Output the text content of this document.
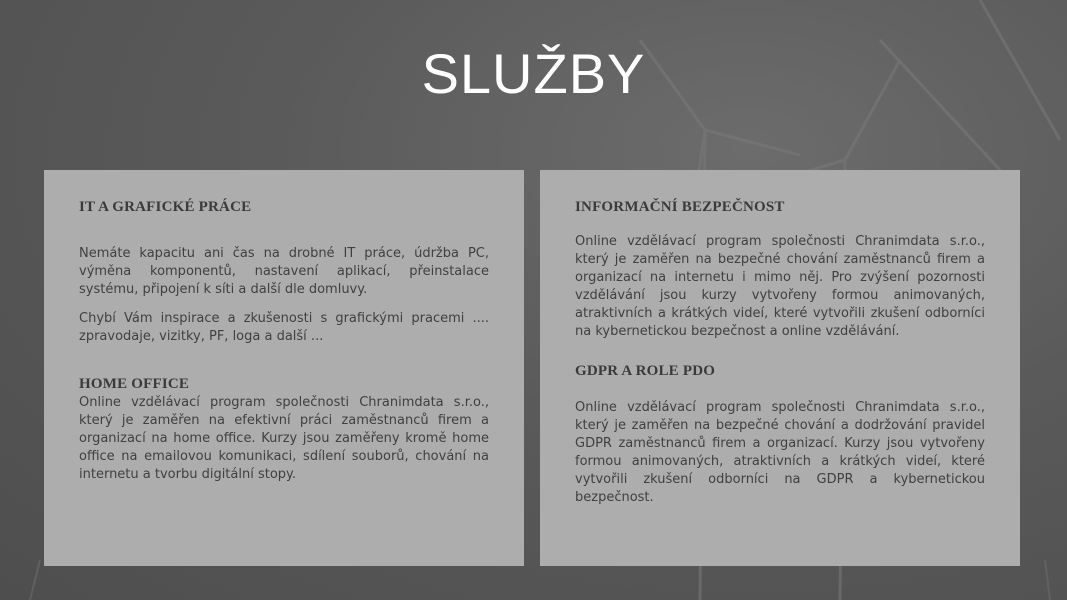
SLUŽBY
IT A GRAFICKÉ PRÁCE

Nemáte kapacitu ani čas na drobné IT práce, údržba PC, výměna komponentů, nastavení aplikací, přeinstalace systému, připojení k síti a další dle domluvy.

Chybí Vám inspirace a zkušenosti s grafickými pracemi .... zpravodaje, vizitky, PF, loga a další ...

HOME OFFICE

Online vzdělávací program společnosti Chranimdata s.r.o., který je zaměřen na efektivní práci zaměstnanců firem a organizací na home office. Kurzy jsou zaměřeny kromě home office na emailovou komunikaci, sdílení souborů, chování na internetu a tvorbu digitální stopy.

INFORMAČNÍ BEZPEČNOST

Online vzdělávací program společnosti Chranimdata s.r.o., který je zaměřen na bezpečné chování zaměstnanců firem a organizací na internetu i mimo něj. Pro zvýšení pozornosti vzdělávání jsou kurzy vytvořeny formou animovaných, atraktivních a krátkých videí, které vytvořili zkušení odborníci na kybernetickou bezpečnost a online vzdělávání.

GDPR A ROLE PDO

Online vzdělávací program společnosti Chranimdata s.r.o., který je zaměřen na bezpečné chování a dodržování pravidel GDPR zaměstnanců firem a organizací. Kurzy jsou vytvořeny formou animovaných, atraktivních a krátkých videí, které vytvořili zkušení odborníci na GDPR a kybernetickou bezpečnost.
